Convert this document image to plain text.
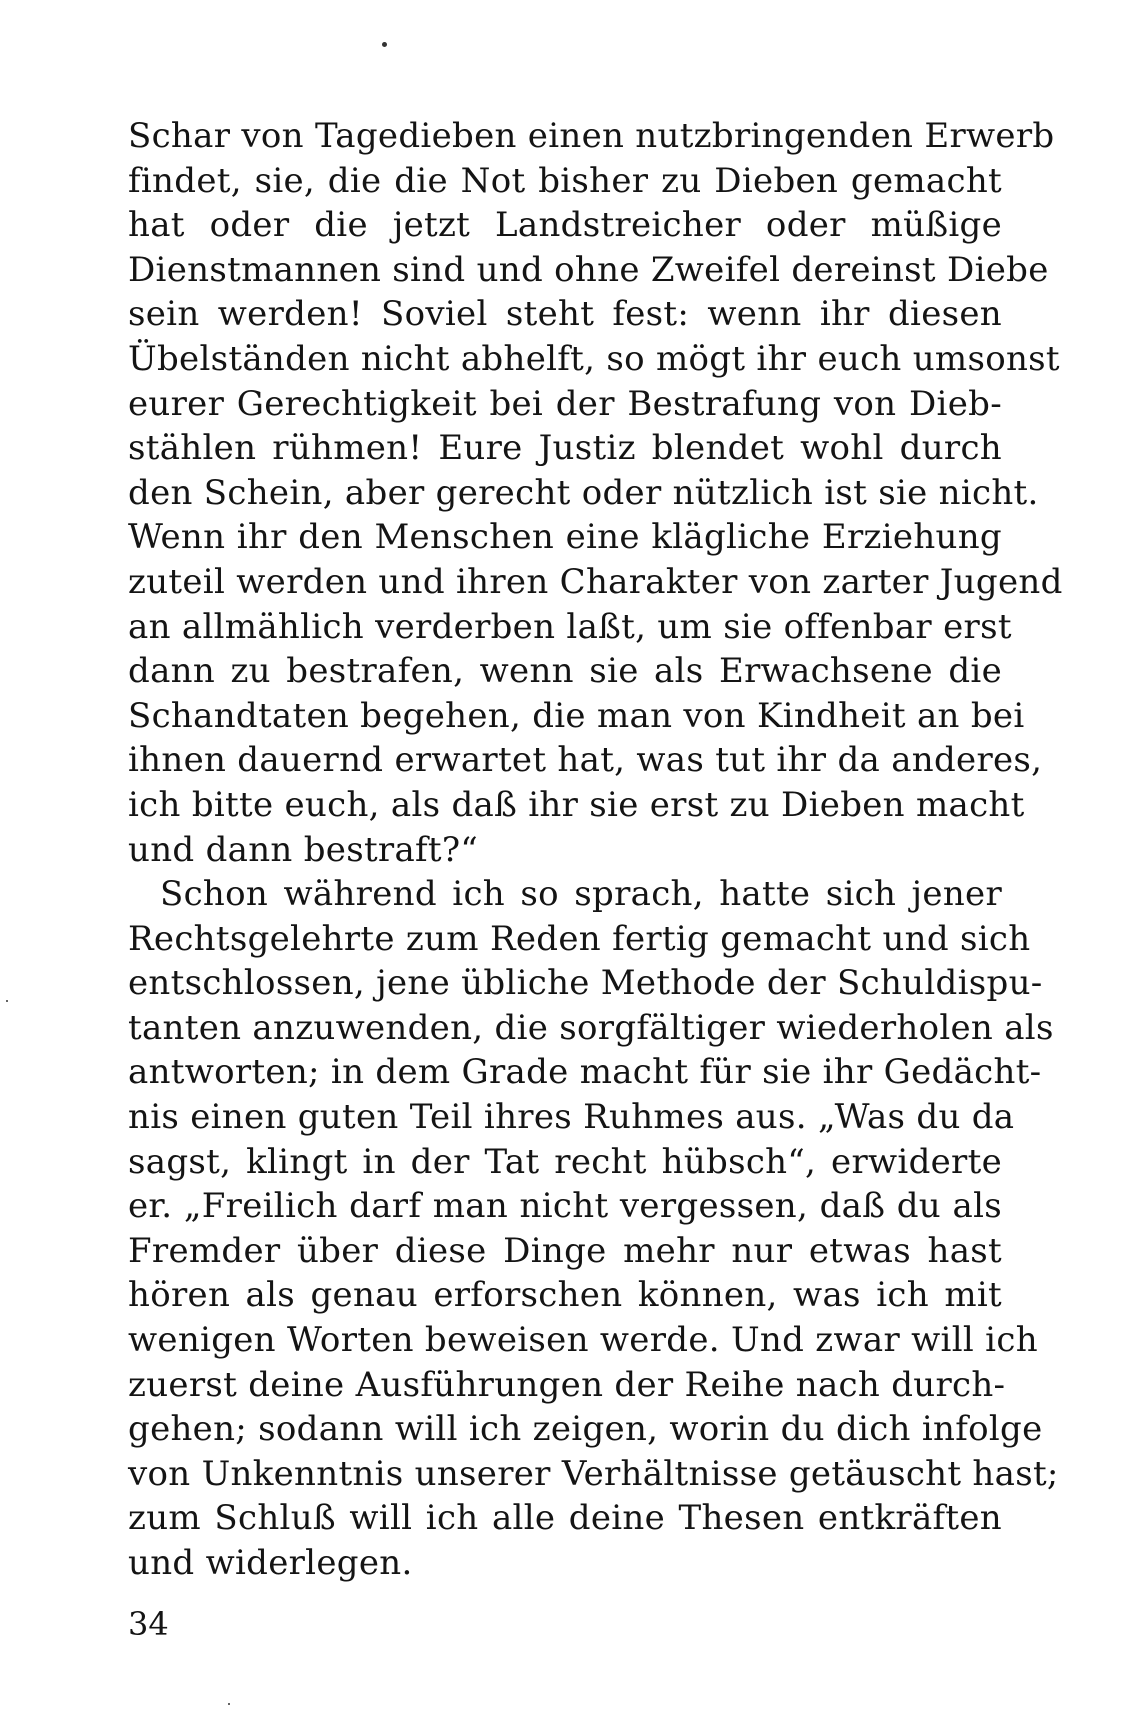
Schar von Tagedieben einen nutzbringenden Erwerb
findet, sie, die die Not bisher zu Dieben gemacht
hat oder die jetzt Landstreicher oder müßige
Dienstmannen sind und ohne Zweifel dereinst Diebe
sein werden! Soviel steht fest: wenn ihr diesen
Übelständen nicht abhelft, so mögt ihr euch umsonst
eurer Gerechtigkeit bei der Bestrafung von Dieb-
stählen rühmen! Eure Justiz blendet wohl durch
den Schein, aber gerecht oder nützlich ist sie nicht.
Wenn ihr den Menschen eine klägliche Erziehung
zuteil werden und ihren Charakter von zarter Jugend
an allmählich verderben laßt, um sie offenbar erst
dann zu bestrafen, wenn sie als Erwachsene die
Schandtaten begehen, die man von Kindheit an bei
ihnen dauernd erwartet hat, was tut ihr da anderes,
ich bitte euch, als daß ihr sie erst zu Dieben macht
und dann bestraft?“
Schon während ich so sprach, hatte sich jener
Rechtsgelehrte zum Reden fertig gemacht und sich
entschlossen, jene übliche Methode der Schuldispu-
tanten anzuwenden, die sorgfältiger wiederholen als
antworten; in dem Grade macht für sie ihr Gedächt-
nis einen guten Teil ihres Ruhmes aus. „Was du da
sagst, klingt in der Tat recht hübsch“, erwiderte
er. „Freilich darf man nicht vergessen, daß du als
Fremder über diese Dinge mehr nur etwas hast
hören als genau erforschen können, was ich mit
wenigen Worten beweisen werde. Und zwar will ich
zuerst deine Ausführungen der Reihe nach durch-
gehen; sodann will ich zeigen, worin du dich infolge
von Unkenntnis unserer Verhältnisse getäuscht hast;
zum Schluß will ich alle deine Thesen entkräften
und widerlegen.
34
